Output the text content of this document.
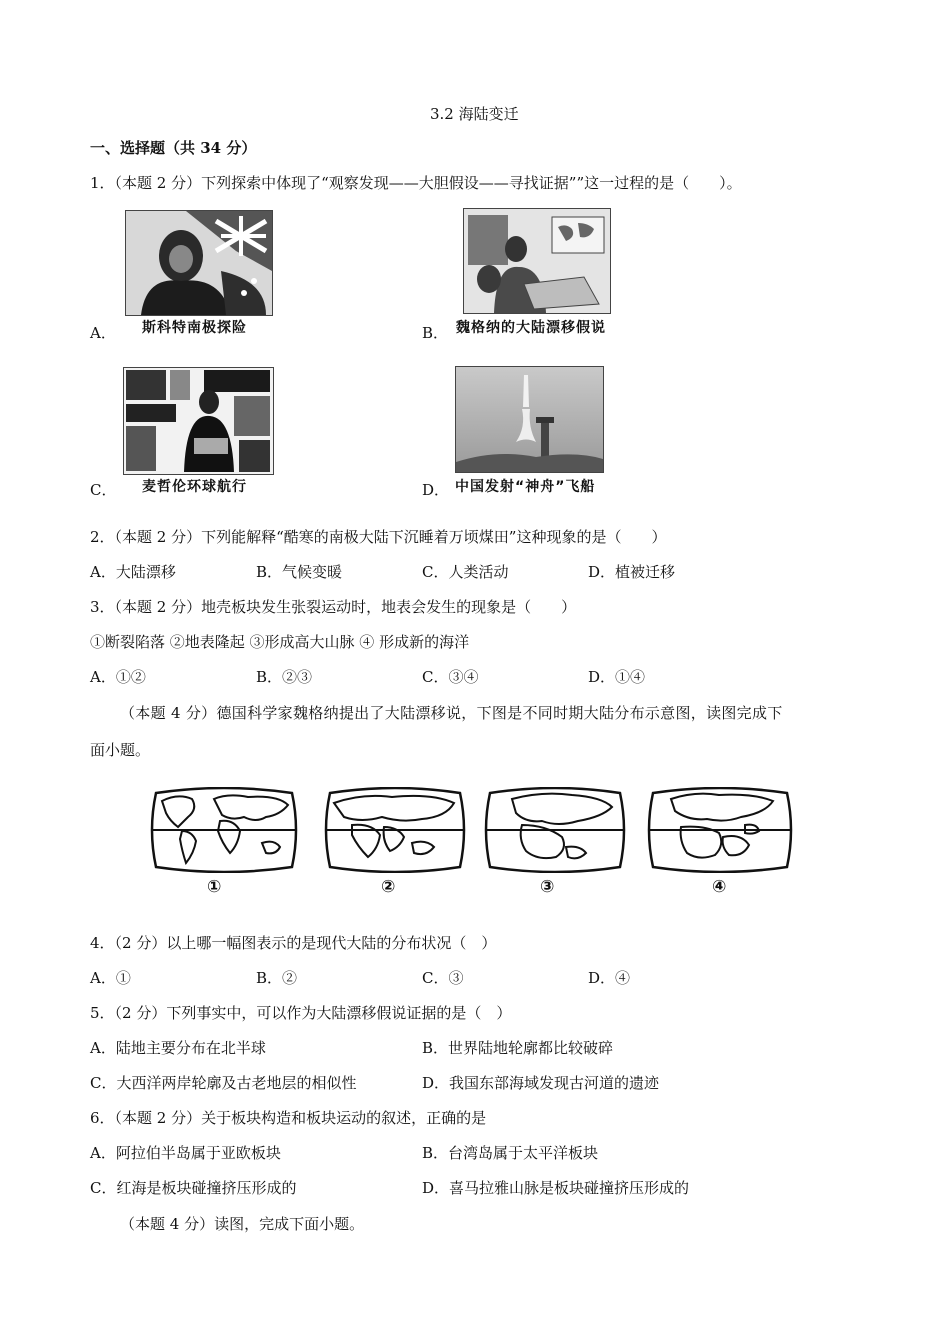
3.2 海陆变迁
一、选择题（共 34 分）
1．（本题 2 分）下列探索中体现了“观察发现——大胆假设——寻找证据””这一过程的是（　　）。
A． 斯科特南极探险	B． 魏格纳的大陆漂移假说
C． 麦哲伦环球航行	D． 中国发射“神舟”飞船
2．（本题 2 分）下列能解释“酷寒的南极大陆下沉睡着万顷煤田”这种现象的是（　　）
A．大陆漂移	B．气候变暖	C．人类活动	D．植被迁移
3．（本题 2 分）地壳板块发生张裂运动时，地表会发生的现象是（　　）
①断裂陷落 ②地表隆起 ③形成高大山脉 ④ 形成新的海洋
A．①②	B．②③	C．③④	D．①④
（本题 4 分）德国科学家魏格纳提出了大陆漂移说，下图是不同时期大陆分布示意图，读图完成下
面小题。
①	②	③	④
4．（2 分）以上哪一幅图表示的是现代大陆的分布状况（　）
A．①	B．②	C．③	D．④
5．（2 分）下列事实中，可以作为大陆漂移假说证据的是（　）
A．陆地主要分布在北半球	B．世界陆地轮廓都比较破碎
C．大西洋两岸轮廓及古老地层的相似性	D．我国东部海域发现古河道的遗迹
6．（本题 2 分）关于板块构造和板块运动的叙述，正确的是
A．阿拉伯半岛属于亚欧板块	B．台湾岛属于太平洋板块
C．红海是板块碰撞挤压形成的	D．喜马拉雅山脉是板块碰撞挤压形成的
（本题 4 分）读图，完成下面小题。
